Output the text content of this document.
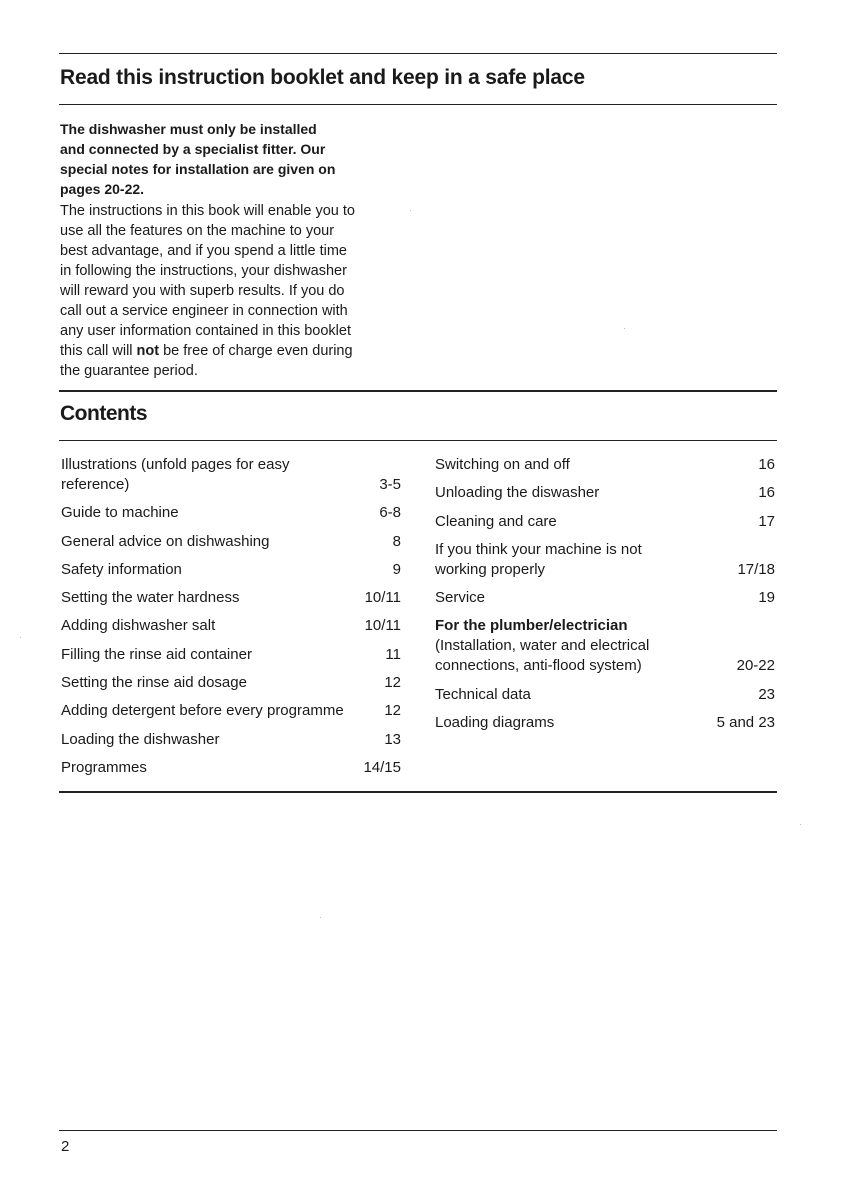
Read this instruction booklet and keep in a safe place
The dishwasher must only be installed
and connected by a specialist fitter. Our
special notes for installation are given on
pages 20-22.
The instructions in this book will enable you to
use all the features on the machine to your
best advantage, and if you spend a little time
in following the instructions, your dishwasher
will reward you with superb results. If you do
call out a service engineer in connection with
any user information contained in this booklet
this call will not be free of charge even during
the guarantee period.
Contents
Illustrations (unfold pages for easy
reference)	3-5
Guide to machine	6-8
General advice on dishwashing	8
Safety information	9
Setting the water hardness	10/11
Adding dishwasher salt	10/11
Filling the rinse aid container	11
Setting the rinse aid dosage	12
Adding detergent before every programme	12
Loading the dishwasher	13
Programmes	14/15
Switching on and off	16
Unloading the diswasher	16
Cleaning and care	17
If you think your machine is not
working properly	17/18
Service	19
For the plumber/electrician
(Installation, water and electrical
connections, anti-flood system)	20-22
Technical data	23
Loading diagrams	5 and 23
2
